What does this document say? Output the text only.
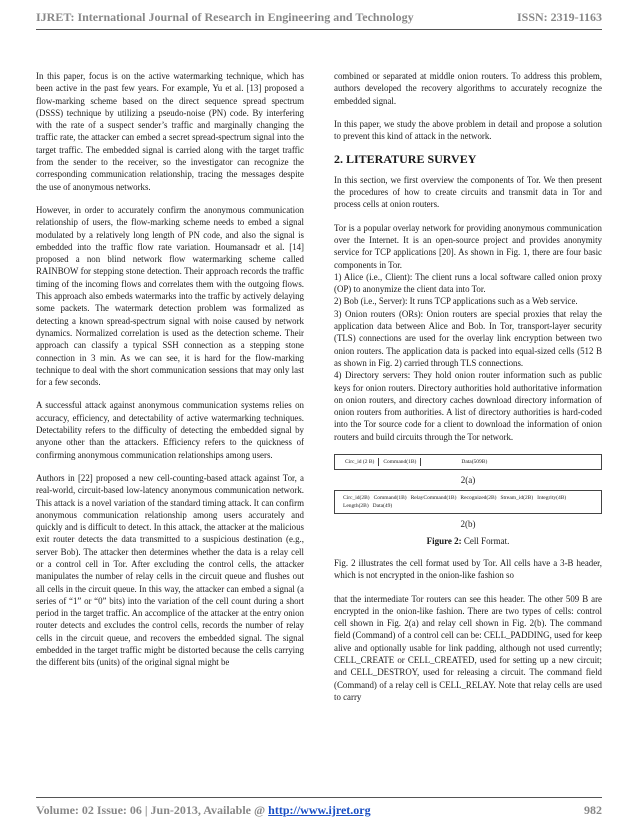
IJRET: International Journal of Research in Engineering and Technology	ISSN: 2319-1163

In this paper, focus is on the active watermarking technique, which has been active in the past few years. For example, Yu et al. [13] proposed a flow-marking scheme based on the direct sequence spread spectrum (DSSS) technique by utilizing a pseudo-noise (PN) code. By interfering with the rate of a suspect sender’s traffic and marginally changing the traffic rate, the attacker can embed a secret spread-spectrum signal into the target traffic. The embedded signal is carried along with the target traffic from the sender to the receiver, so the investigator can recognize the corresponding communication relationship, tracing the messages despite the use of anonymous networks.

However, in order to accurately confirm the anonymous communication relationship of users, the flow-marking scheme needs to embed a signal modulated by a relatively long length of PN code, and also the signal is embedded into the traffic flow rate variation. Houmansadr et al. [14] proposed a non blind network flow watermarking scheme called RAINBOW for stepping stone detection. Their approach records the traffic timing of the incoming flows and correlates them with the outgoing flows. This approach also embeds watermarks into the traffic by actively delaying some packets. The watermark detection problem was formalized as detecting a known spread-spectrum signal with noise caused by network dynamics. Normalized correlation is used as the detection scheme. Their approach can classify a typical SSH connection as a stepping stone connection in 3 min. As we can see, it is hard for the flow-marking technique to deal with the short communication sessions that may only last for a few seconds.

A successful attack against anonymous communication systems relies on accuracy, efficiency, and detectability of active watermarking techniques. Detectability refers to the difficulty of detecting the embedded signal by anyone other than the attackers. Efficiency refers to the quickness of confirming anonymous communication relationships among users.

Authors in [22] proposed a new cell-counting-based attack against Tor, a real-world, circuit-based low-latency anonymous communication network. This attack is a novel variation of the standard timing attack. It can confirm anonymous communication relationship among users accurately and quickly and is difficult to detect. In this attack, the attacker at the malicious exit router detects the data transmitted to a suspicious destination (e.g., server Bob). The attacker then determines whether the data is a relay cell or a control cell in Tor. After excluding the control cells, the attacker manipulates the number of relay cells in the circuit queue and flushes out all cells in the circuit queue. In this way, the attacker can embed a signal (a series of “1” or “0” bits) into the variation of the cell count during a short period in the target traffic. An accomplice of the attacker at the entry onion router detects and excludes the control cells, records the number of relay cells in the circuit queue, and recovers the embedded signal. The signal embedded in the target traffic might be distorted because the cells carrying the different bits (units) of the original signal might be

combined or separated at middle onion routers. To address this problem, authors developed the recovery algorithms to accurately recognize the embedded signal.

In this paper, we study the above problem in detail and propose a solution to prevent this kind of attack in the network.

2. LITERATURE SURVEY

In this section, we first overview the components of Tor. We then present the procedures of how to create circuits and transmit data in Tor and process cells at onion routers.

Tor is a popular overlay network for providing anonymous communication over the Internet. It is an open-source project and provides anonymity service for TCP applications [20]. As shown in Fig. 1, there are four basic components in Tor.

1) Alice (i.e., Client): The client runs a local software called onion proxy (OP) to anonymize the client data into Tor.

2) Bob (i.e., Server): It runs TCP applications such as a Web service.

3) Onion routers (ORs): Onion routers are special proxies that relay the application data between Alice and Bob. In Tor, transport-layer security (TLS) connections are used for the overlay link encryption between two onion routers. The application data is packed into equal-sized cells (512 B as shown in Fig. 2) carried through TLS connections.

4) Directory servers: They hold onion router information such as public keys for onion routers. Directory authorities hold authoritative information on onion routers, and directory caches download directory information of onion routers from authorities. A list of directory authorities is hard-coded into the Tor source code for a client to download the information of onion routers and build circuits through the Tor network.

Circ_id (2 B) Command(1B)	Data(509B)
2(a)
Circ_id(2B) Command(1B) RelayCommand(1B) Recognized(2B) Stream_id(2B) Integrity(4B)
Length(2B) Data(49)
2(b)
Figure 2: Cell Format.

Fig. 2 illustrates the cell format used by Tor. All cells have a 3-B header, which is not encrypted in the onion-like fashion so

that the intermediate Tor routers can see this header. The other 509 B are encrypted in the onion-like fashion. There are two types of cells: control cell shown in Fig. 2(a) and relay cell shown in Fig. 2(b). The command field (Command) of a control cell can be: CELL_PADDING, used for keep alive and optionally usable for link padding, although not used currently; CELL_CREATE or CELL_CREATED, used for setting up a new circuit; and CELL_DESTROY, used for releasing a circuit. The command field (Command) of a relay cell is CELL_RELAY. Note that relay cells are used to carry

Volume: 02 Issue: 06 | Jun-2013, Available @ http://www.ijret.org	982
